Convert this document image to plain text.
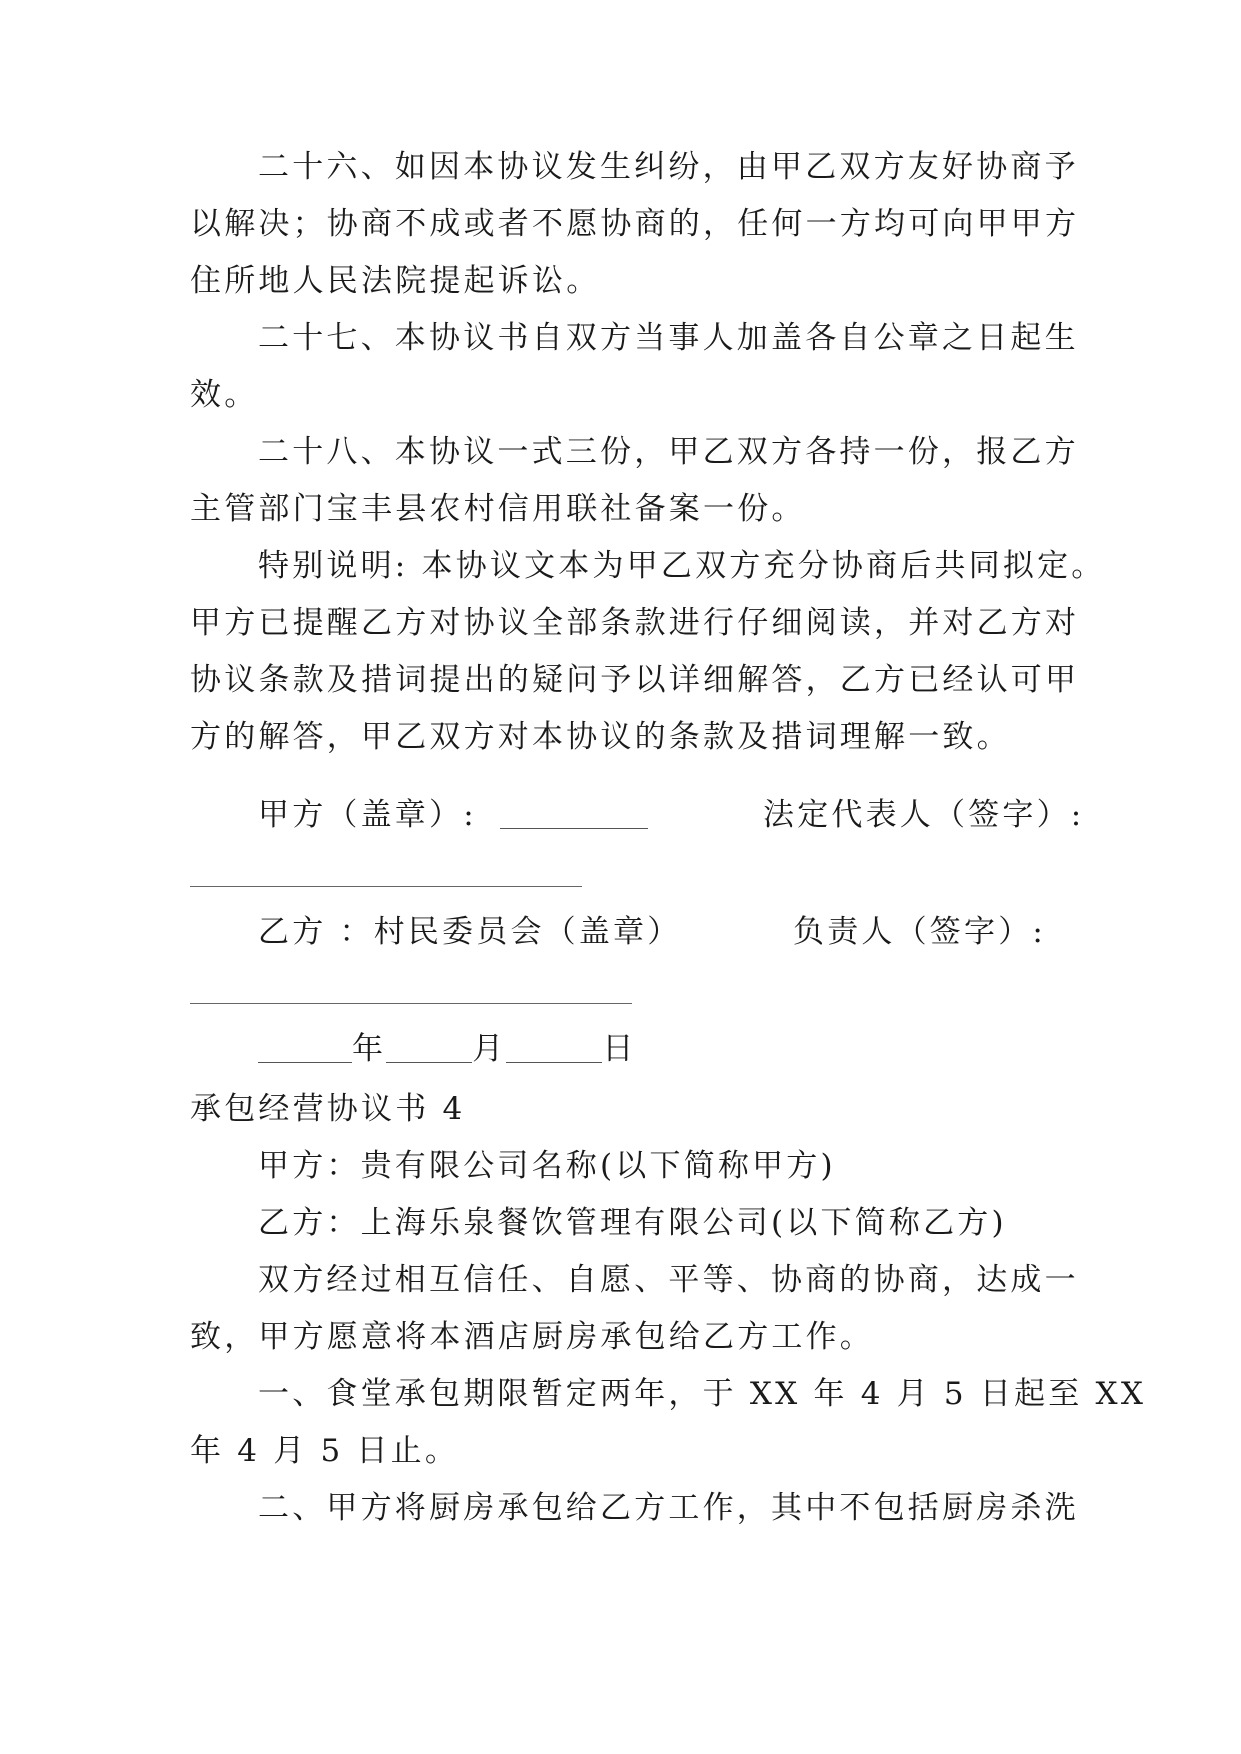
二十六、如因本协议发生纠纷，由甲乙双方友好协商予
以解决；协商不成或者不愿协商的，任何一方均可向甲甲方
住所地人民法院提起诉讼。
二十七、本协议书自双方当事人加盖各自公章之日起生
效。
二十八、本协议一式三份，甲乙双方各持一份，报乙方
主管部门宝丰县农村信用联社备案一份。
特别说明: 本协议文本为甲乙双方充分协商后共同拟定。
甲方已提醒乙方对协议全部条款进行仔细阅读，并对乙方对
协议条款及措词提出的疑问予以详细解答，乙方已经认可甲
方的解答，甲乙双方对本协议的条款及措词理解一致。
甲方（盖章）:	法定代表人（签字）:
乙方 ：村民委员会（盖章）	负责人（签字）:
年	月	日
承包经营协议书 4
甲方：贵有限公司名称(以下简称甲方)
乙方：上海乐泉餐饮管理有限公司(以下简称乙方)
双方经过相互信任、自愿、平等、协商的协商，达成一
致，甲方愿意将本酒店厨房承包给乙方工作。
一、食堂承包期限暂定两年，于 XX 年 4 月 5 日起至 XX
年 4 月 5 日止。
二、甲方将厨房承包给乙方工作，其中不包括厨房杀洗
